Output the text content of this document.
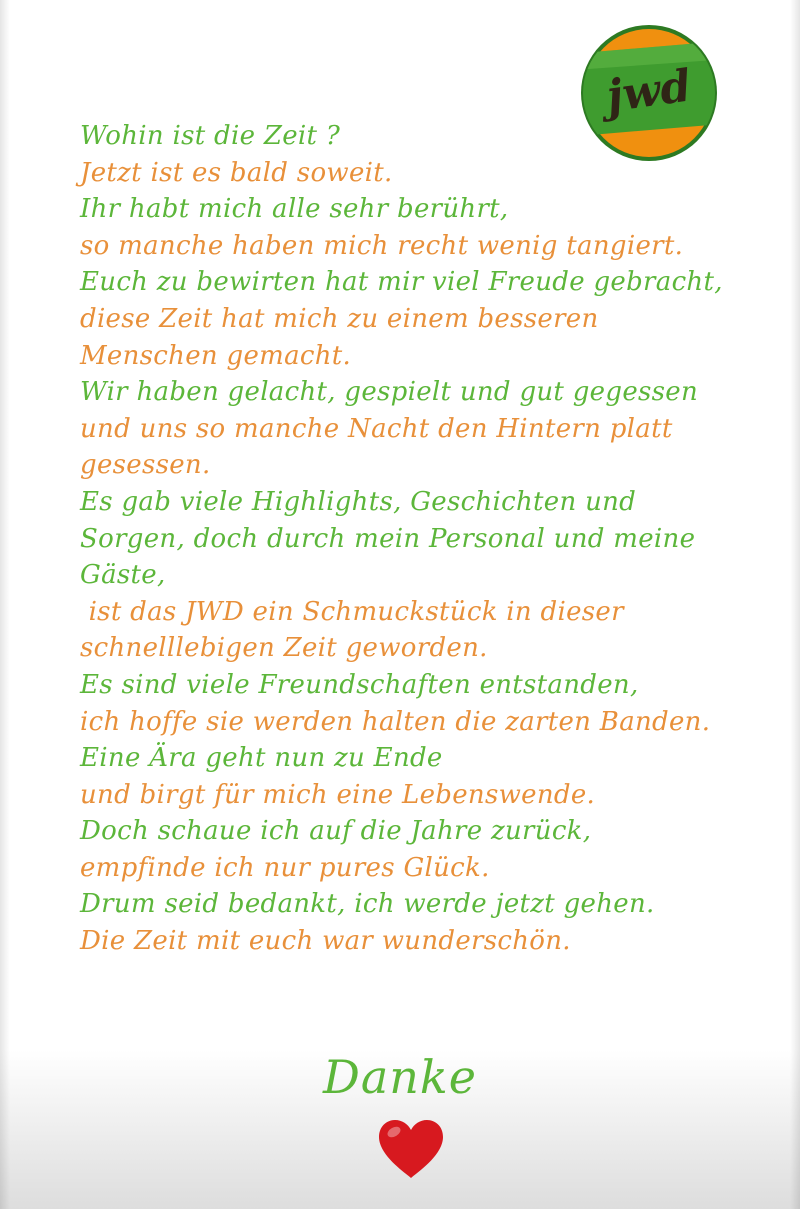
jwd
Wohin ist die Zeit ?
Jetzt ist es bald soweit.
Ihr habt mich alle sehr berührt,
so manche haben mich recht wenig tangiert.
Euch zu bewirten hat mir viel Freude gebracht,
diese Zeit hat mich zu einem besseren
Menschen gemacht.
Wir haben gelacht, gespielt und gut gegessen
und uns so manche Nacht den Hintern platt
gesessen.
Es gab viele Highlights, Geschichten und
Sorgen, doch durch mein Personal und meine
Gäste,
ist das JWD ein Schmuckstück in dieser
schnelllebigen Zeit geworden.
Es sind viele Freundschaften entstanden,
ich hoffe sie werden halten die zarten Banden.
Eine Ära geht nun zu Ende
und birgt für mich eine Lebenswende.
Doch schaue ich auf die Jahre zurück,
empfinde ich nur pures Glück.
Drum seid bedankt, ich werde jetzt gehen.
Die Zeit mit euch war wunderschön.
Danke
